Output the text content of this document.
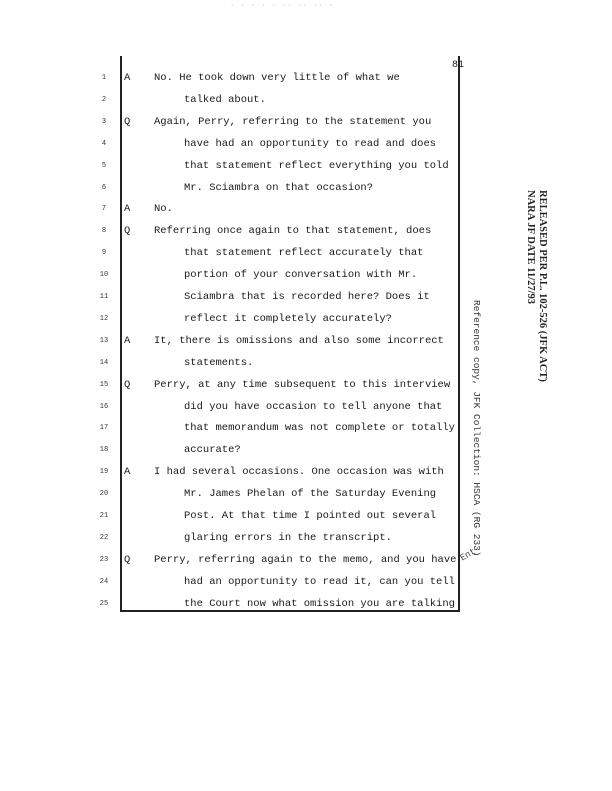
· · · · · ·· ·· ·· ·
81
1	A	No. He took down very little of what we
2	talked about.
3	Q	Again, Perry, referring to the statement you
4	have had an opportunity to read and does
5	that statement reflect everything you told
6	Mr. Sciambra on that occasion?
7	A	No.
8	Q	Referring once again to that statement, does
9	that statement reflect accurately that
10	portion of your conversation with Mr.
11	Sciambra that is recorded here? Does it
12	reflect it completely accurately?
13	A	It, there is omissions and also some incorrect
14	statements.
15	Q	Perry, at any time subsequent to this interview
16	did you have occasion to tell anyone that
17	that memorandum was not complete or totally
18	accurate?
19	A	I had several occasions. One occasion was with
20	Mr. James Phelan of the Saturday Evening
21	Post. At that time I pointed out several
22	glaring errors in the transcript.
23	Q	Perry, referring again to the memo, and you have
24	had an opportunity to read it, can you tell
25	the Court now what omission you are talking
RELEASED PER P.L. 102-526 (JFK ACT)
NARA JF DATE 11/27/93
Reference copy, JFK Collection: HSCA (RG 233)
Ent
